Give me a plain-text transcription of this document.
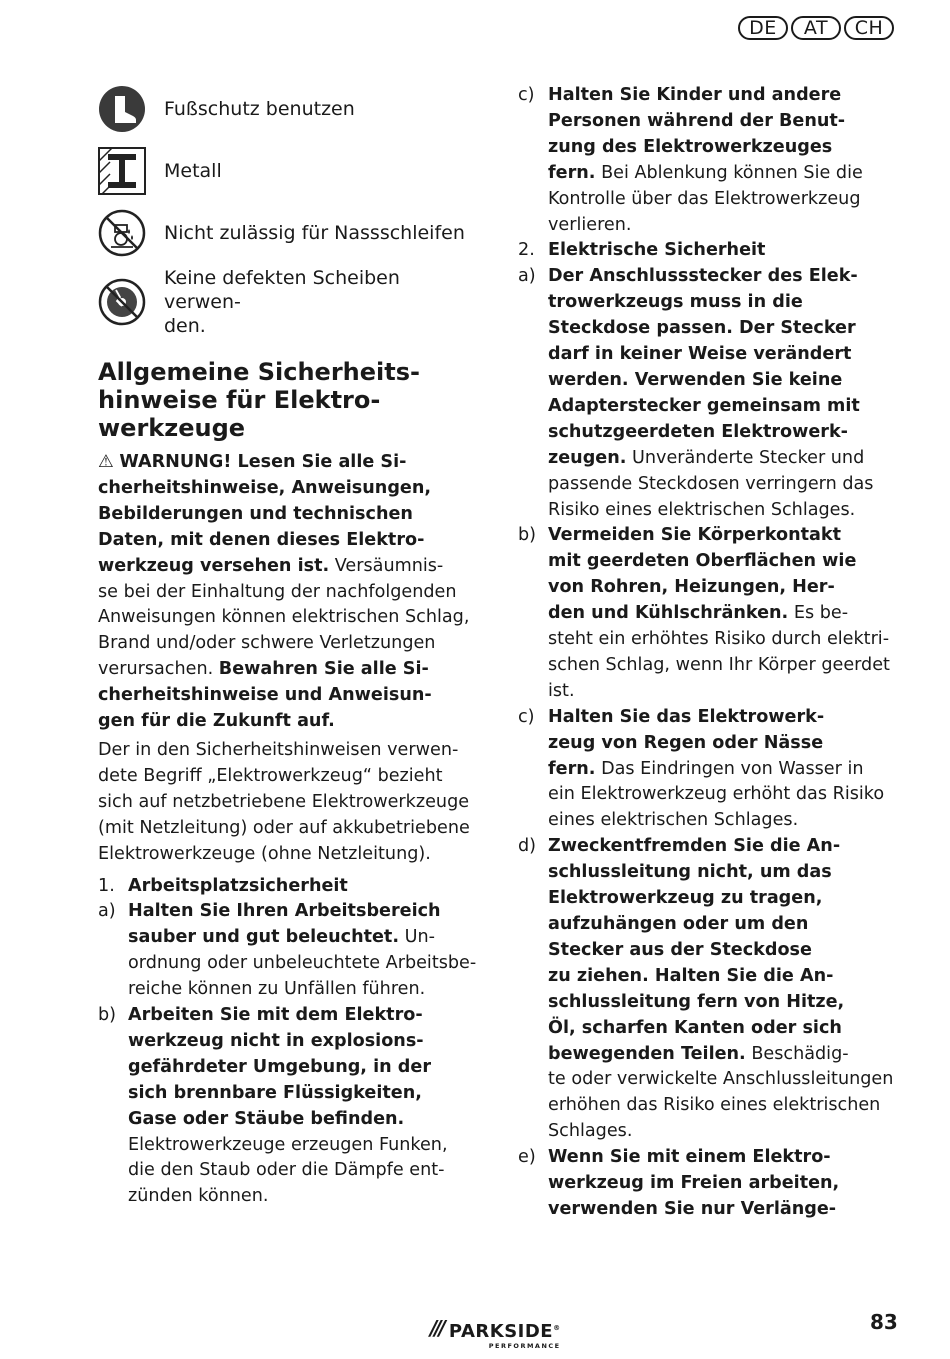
DE	AT	CH
Fußschutz benutzen
Metall
Nicht zulässig für Nassschleifen
Keine defekten Scheiben verwen-
den.
Allgemeine Sicherheits-
hinweise für Elektro-
werkzeuge

⚠ WARNUNG! Lesen Sie alle Si-
cherheitshinweise, Anweisungen,
Bebilderungen und technischen
Daten, mit denen dieses Elektro-
werkzeug versehen ist. Versäumnis-
se bei der Einhaltung der nachfolgenden
Anweisungen können elektrischen Schlag,
Brand und/oder schwere Verletzungen
verursachen. Bewahren Sie alle Si-
cherheitshinweise und Anweisun-
gen für die Zukunft auf.

Der in den Sicherheitshinweisen verwen-
dete Begriff „Elektrowerkzeug“ bezieht
sich auf netzbetriebene Elektrowerkzeuge
(mit Netzleitung) oder auf akkubetriebene
Elektrowerkzeuge (ohne Netzleitung).

1. Arbeitsplatzsicherheit
a) Halten Sie Ihren Arbeitsbereich
sauber und gut beleuchtet. Un-
ordnung oder unbeleuchtete Arbeitsbe-
reiche können zu Unfällen führen.

b) Arbeiten Sie mit dem Elektro-
werkzeug nicht in explosions-
gefährdeter Umgebung, in der
sich brennbare Flüssigkeiten,
Gase oder Stäube befinden.
Elektrowerkzeuge erzeugen Funken,
die den Staub oder die Dämpfe ent-
zünden können.

c) Halten Sie Kinder und andere
Personen während der Benut-
zung des Elektrowerkzeuges
fern. Bei Ablenkung können Sie die
Kontrolle über das Elektrowerkzeug
verlieren.

2. Elektrische Sicherheit
a) Der Anschlussstecker des Elek-
trowerkzeugs muss in die
Steckdose passen. Der Stecker
darf in keiner Weise verändert
werden. Verwenden Sie keine
Adapterstecker gemeinsam mit
schutzgeerdeten Elektrowerk-
zeugen. Unveränderte Stecker und
passende Steckdosen verringern das
Risiko eines elektrischen Schlages.

b) Vermeiden Sie Körperkontakt
mit geerdeten Oberflächen wie
von Rohren, Heizungen, Her-
den und Kühlschränken. Es be-
steht ein erhöhtes Risiko durch elektri-
schen Schlag, wenn Ihr Körper geerdet
ist.

c) Halten Sie das Elektrowerk-
zeug von Regen oder Nässe
fern. Das Eindringen von Wasser in
ein Elektrowerkzeug erhöht das Risiko
eines elektrischen Schlages.

d) Zweckentfremden Sie die An-
schlussleitung nicht, um das
Elektrowerkzeug zu tragen,
aufzuhängen oder um den
Stecker aus der Steckdose
zu ziehen. Halten Sie die An-
schlussleitung fern von Hitze,
Öl, scharfen Kanten oder sich
bewegenden Teilen. Beschädig-
te oder verwickelte Anschlussleitungen
erhöhen das Risiko eines elektrischen
Schlages.

e) Wenn Sie mit einem Elektro-
werkzeug im Freien arbeiten,
verwenden Sie nur Verlänge-

/// PARKSIDE®
PERFORMANCE
83
